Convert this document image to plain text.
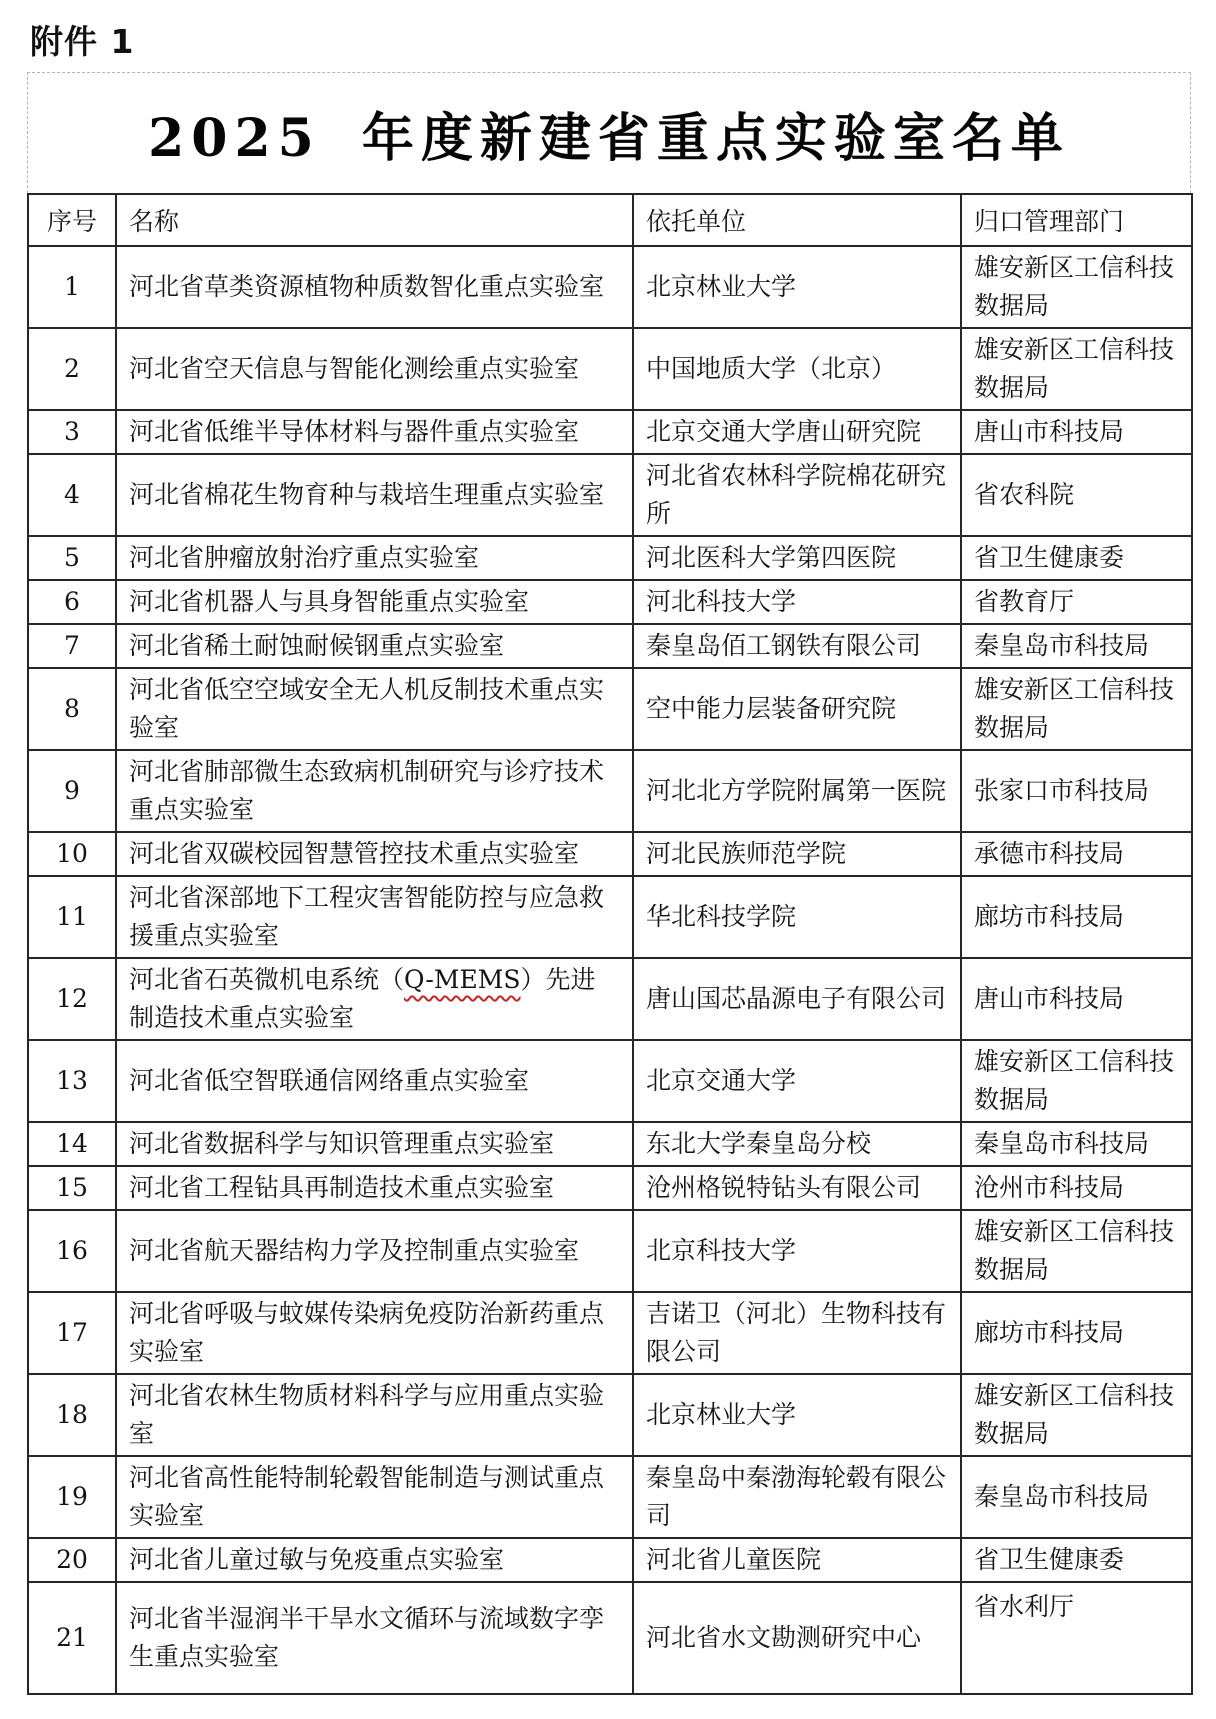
附件 1
2025 年度新建省重点实验室名单
序号	名称	依托单位	归口管理部门
1	河北省草类资源植物种质数智化重点实验室	北京林业大学	雄安新区工信科技数据局
2	河北省空天信息与智能化测绘重点实验室	中国地质大学（北京）	雄安新区工信科技数据局
3	河北省低维半导体材料与器件重点实验室	北京交通大学唐山研究院	唐山市科技局
4	河北省棉花生物育种与栽培生理重点实验室	河北省农林科学院棉花研究所	省农科院
5	河北省肿瘤放射治疗重点实验室	河北医科大学第四医院	省卫生健康委
6	河北省机器人与具身智能重点实验室	河北科技大学	省教育厅
7	河北省稀土耐蚀耐候钢重点实验室	秦皇岛佰工钢铁有限公司	秦皇岛市科技局
8	河北省低空空域安全无人机反制技术重点实验室	空中能力层装备研究院	雄安新区工信科技数据局
9	河北省肺部微生态致病机制研究与诊疗技术重点实验室	河北北方学院附属第一医院	张家口市科技局
10	河北省双碳校园智慧管控技术重点实验室	河北民族师范学院	承德市科技局
11	河北省深部地下工程灾害智能防控与应急救援重点实验室	华北科技学院	廊坊市科技局
12	河北省石英微机电系统（Q-MEMS）先进制造技术重点实验室	唐山国芯晶源电子有限公司	唐山市科技局
13	河北省低空智联通信网络重点实验室	北京交通大学	雄安新区工信科技数据局
14	河北省数据科学与知识管理重点实验室	东北大学秦皇岛分校	秦皇岛市科技局
15	河北省工程钻具再制造技术重点实验室	沧州格锐特钻头有限公司	沧州市科技局
16	河北省航天器结构力学及控制重点实验室	北京科技大学	雄安新区工信科技数据局
17	河北省呼吸与蚊媒传染病免疫防治新药重点实验室	吉诺卫（河北）生物科技有限公司	廊坊市科技局
18	河北省农林生物质材料科学与应用重点实验室	北京林业大学	雄安新区工信科技数据局
19	河北省高性能特制轮毂智能制造与测试重点实验室	秦皇岛中秦渤海轮毂有限公司	秦皇岛市科技局
20	河北省儿童过敏与免疫重点实验室	河北省儿童医院	省卫生健康委
21	河北省半湿润半干旱水文循环与流域数字孪生重点实验室	河北省水文勘测研究中心	省水利厅
